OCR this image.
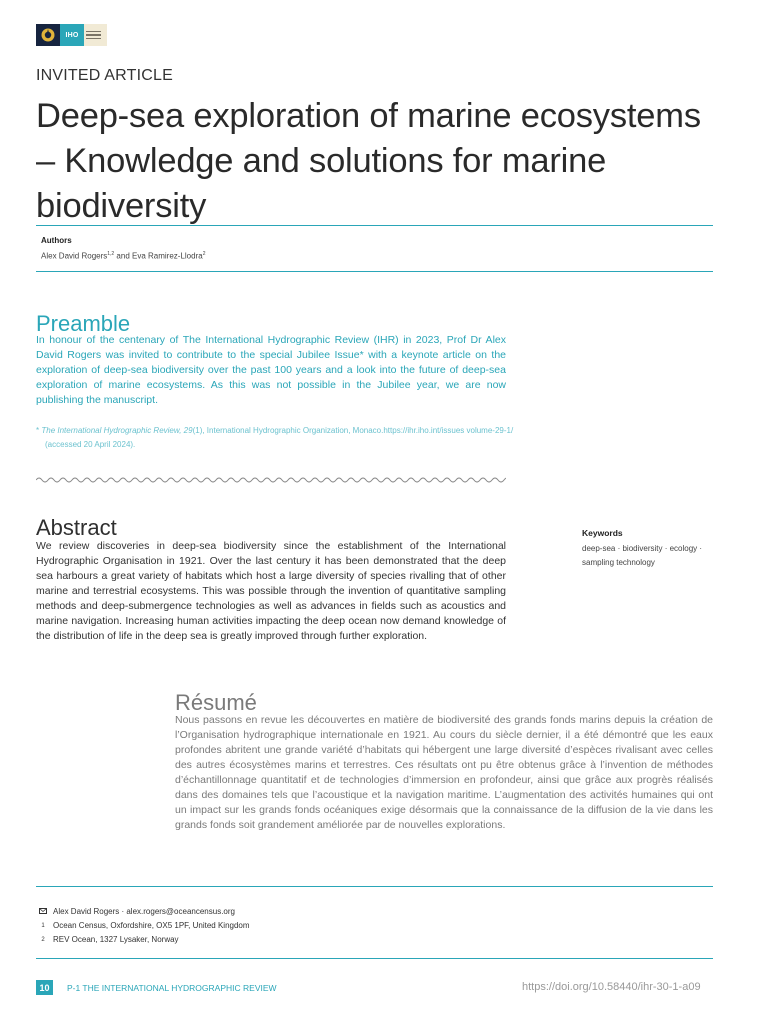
IHO
INVITED ARTICLE
Deep-sea exploration of marine ecosystems – Knowledge and solutions for marine biodiversity
Authors
Alex David Rogers$^{1,2}$ and Eva Ramirez-Llodra$^2$
Preamble

In honour of the centenary of The International Hydrographic Review (IHR) in 2023, Prof Dr Alex David Rogers was invited to contribute to the special Jubilee Issue* with a keynote article on the exploration of deep-sea biodiversity over the past 100 years and a look into the future of deep-sea exploration of marine ecosystems. As this was not possible in the Jubilee year, we are now publishing the manuscript.

* The International Hydrographic Review, 29(1), International Hydrographic Organization, Monaco.https://ihr.iho.int/issues volume-29-1/ (accessed 20 April 2024).
Abstract

We review discoveries in deep-sea biodiversity since the establishment of the International Hydrographic Organisation in 1921. Over the last century it has been demonstrated that the deep sea harbours a great variety of habitats which host a large diversity of species rivalling that of other marine and terrestrial ecosystems. This was possible through the invention of quantitative sampling methods and deep-submergence technologies as well as advances in fields such as acoustics and marine navigation. Increasing human activities impacting the deep ocean now demand knowledge of the distribution of life in the deep sea is greatly improved through further exploration.

Keywords
deep-sea · biodiversity · ecology · sampling technology
Résumé

Nous passons en revue les découvertes en matière de biodiversité des grands fonds marins depuis la création de l’Organisation hydrographique internationale en 1921. Au cours du siècle dernier, il a été démontré que les eaux profondes abritent une grande variété d’habitats qui hébergent une large diversité d’espèces rivalisant avec celles des autres écosystèmes marins et terrestres. Ces résultats ont pu être obtenus grâce à l’invention de méthodes d’échantillonnage quantitatif et de technologies d’immersion en profondeur, ainsi que grâce aux progrès réalisés dans des domaines tels que l’acoustique et la navigation maritime. L’augmentation des activités humaines qui ont un impact sur les grands fonds océaniques exige désormais que la connaissance de la diffusion de la vie dans les grands fonds soit grandement améliorée par de nouvelles explorations.

Alex David Rogers · alex.rogers@oceancensus.org
1 Ocean Census, Oxfordshire, OX5 1PF, United Kingdom
2 REV Ocean, 1327 Lysaker, Norway
10	P-1 THE INTERNATIONAL HYDROGRAPHIC REVIEW	https://doi.org/10.58440/ihr-30-1-a09
